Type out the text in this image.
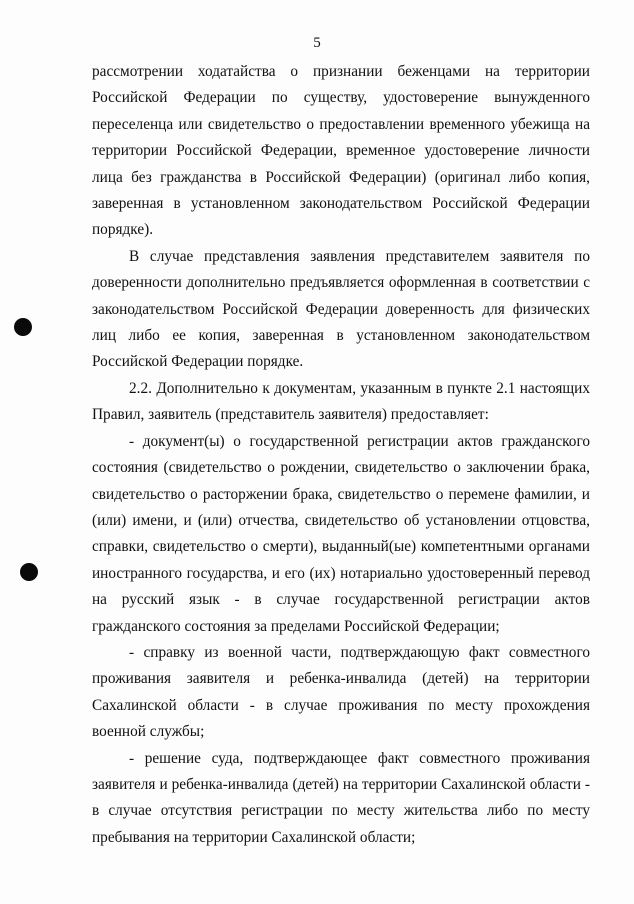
5

рассмотрении ходатайства о признании беженцами на территории Российской Федерации по существу, удостоверение вынужденного переселенца или свидетельство о предоставлении временного убежища на территории Российской Федерации, временное удостоверение личности лица без гражданства в Российской Федерации) (оригинал либо копия, заверенная в установленном законодательством Российской Федерации порядке).

В случае представления заявления представителем заявителя по доверенности дополнительно предъявляется оформленная в соответствии с законодательством Российской Федерации доверенность для физических лиц либо ее копия, заверенная в установленном законодательством Российской Федерации порядке.

2.2. Дополнительно к документам, указанным в пункте 2.1 настоящих Правил, заявитель (представитель заявителя) предоставляет:

- документ(ы) о государственной регистрации актов гражданского состояния (свидетельство о рождении, свидетельство о заключении брака, свидетельство о расторжении брака, свидетельство о перемене фамилии, и (или) имени, и (или) отчества, свидетельство об установлении отцовства, справки, свидетельство о смерти), выданный(ые) компетентными органами иностранного государства, и его (их) нотариально удостоверенный перевод на русский язык - в случае государственной регистрации актов гражданского состояния за пределами Российской Федерации;

- справку из военной части, подтверждающую факт совместного проживания заявителя и ребенка-инвалида (детей) на территории Сахалинской области - в случае проживания по месту прохождения военной службы;

- решение суда, подтверждающее факт совместного проживания заявителя и ребенка-инвалида (детей) на территории Сахалинской области - в случае отсутствия регистрации по месту жительства либо по месту пребывания на территории Сахалинской области;
